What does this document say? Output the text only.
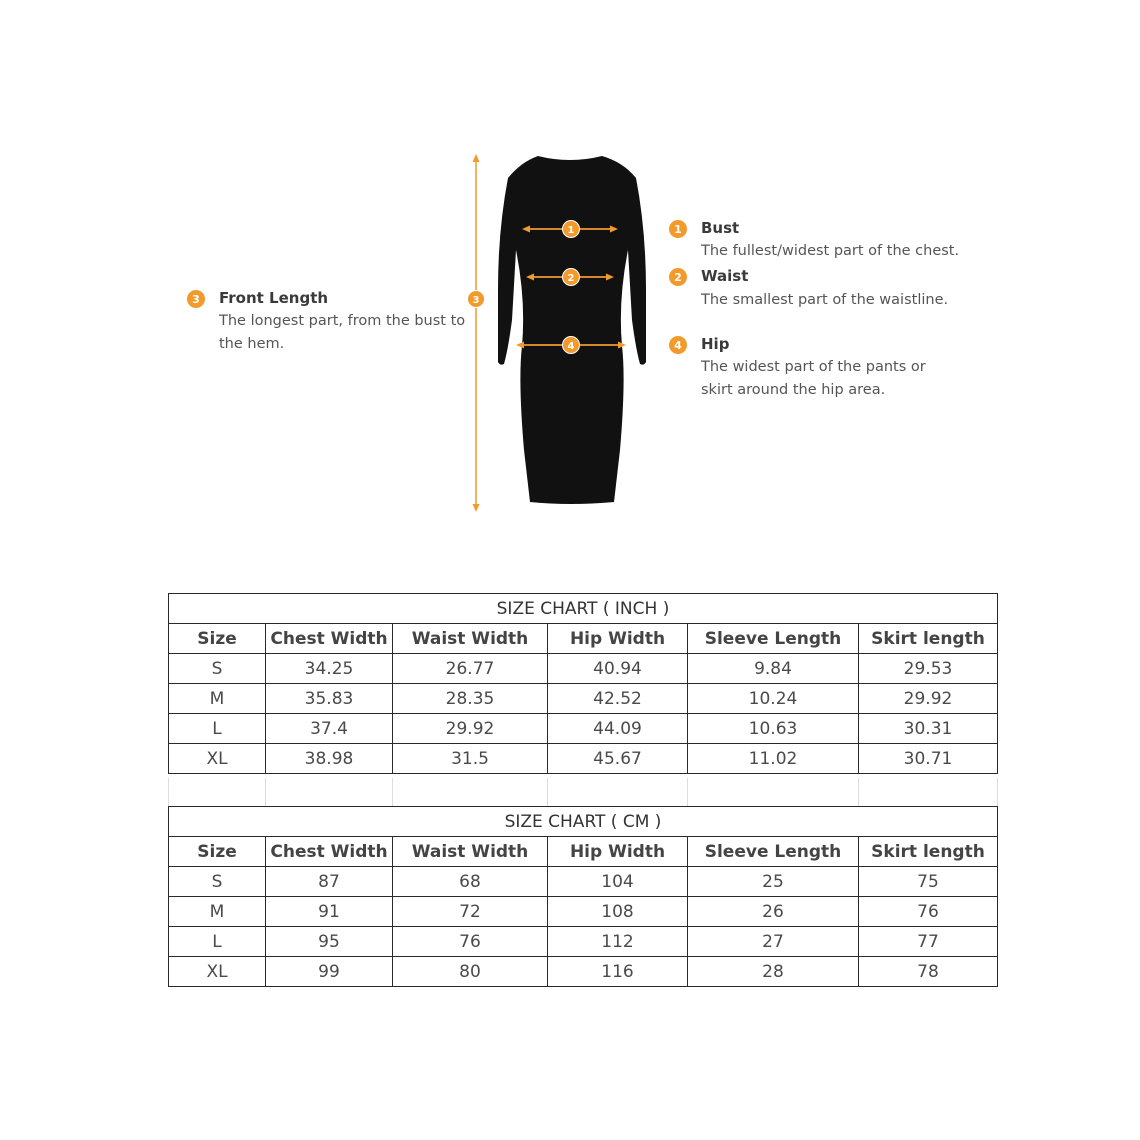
3	Front Length
The longest part, from the bust to
the hem.
3
1
2
4
1	Bust
The fullest/widest part of the chest.
2	Waist
The smallest part of the waistline.
4	Hip
The widest part of the pants or
skirt around the hip area.
SIZE CHART ( INCH )					
Size	Chest Width	Waist Width	Hip Width	Sleeve Length	Skirt length
S	34.25	26.77	40.94	9.84	29.53
M	35.83	28.35	42.52	10.24	29.92
L	37.4	29.92	44.09	10.63	30.31
XL	38.98	31.5	45.67	11.02	30.71
SIZE CHART ( CM )					
Size	Chest Width	Waist Width	Hip Width	Sleeve Length	Skirt length
S	87	68	104	25	75
M	91	72	108	26	76
L	95	76	112	27	77
XL	99	80	116	28	78
